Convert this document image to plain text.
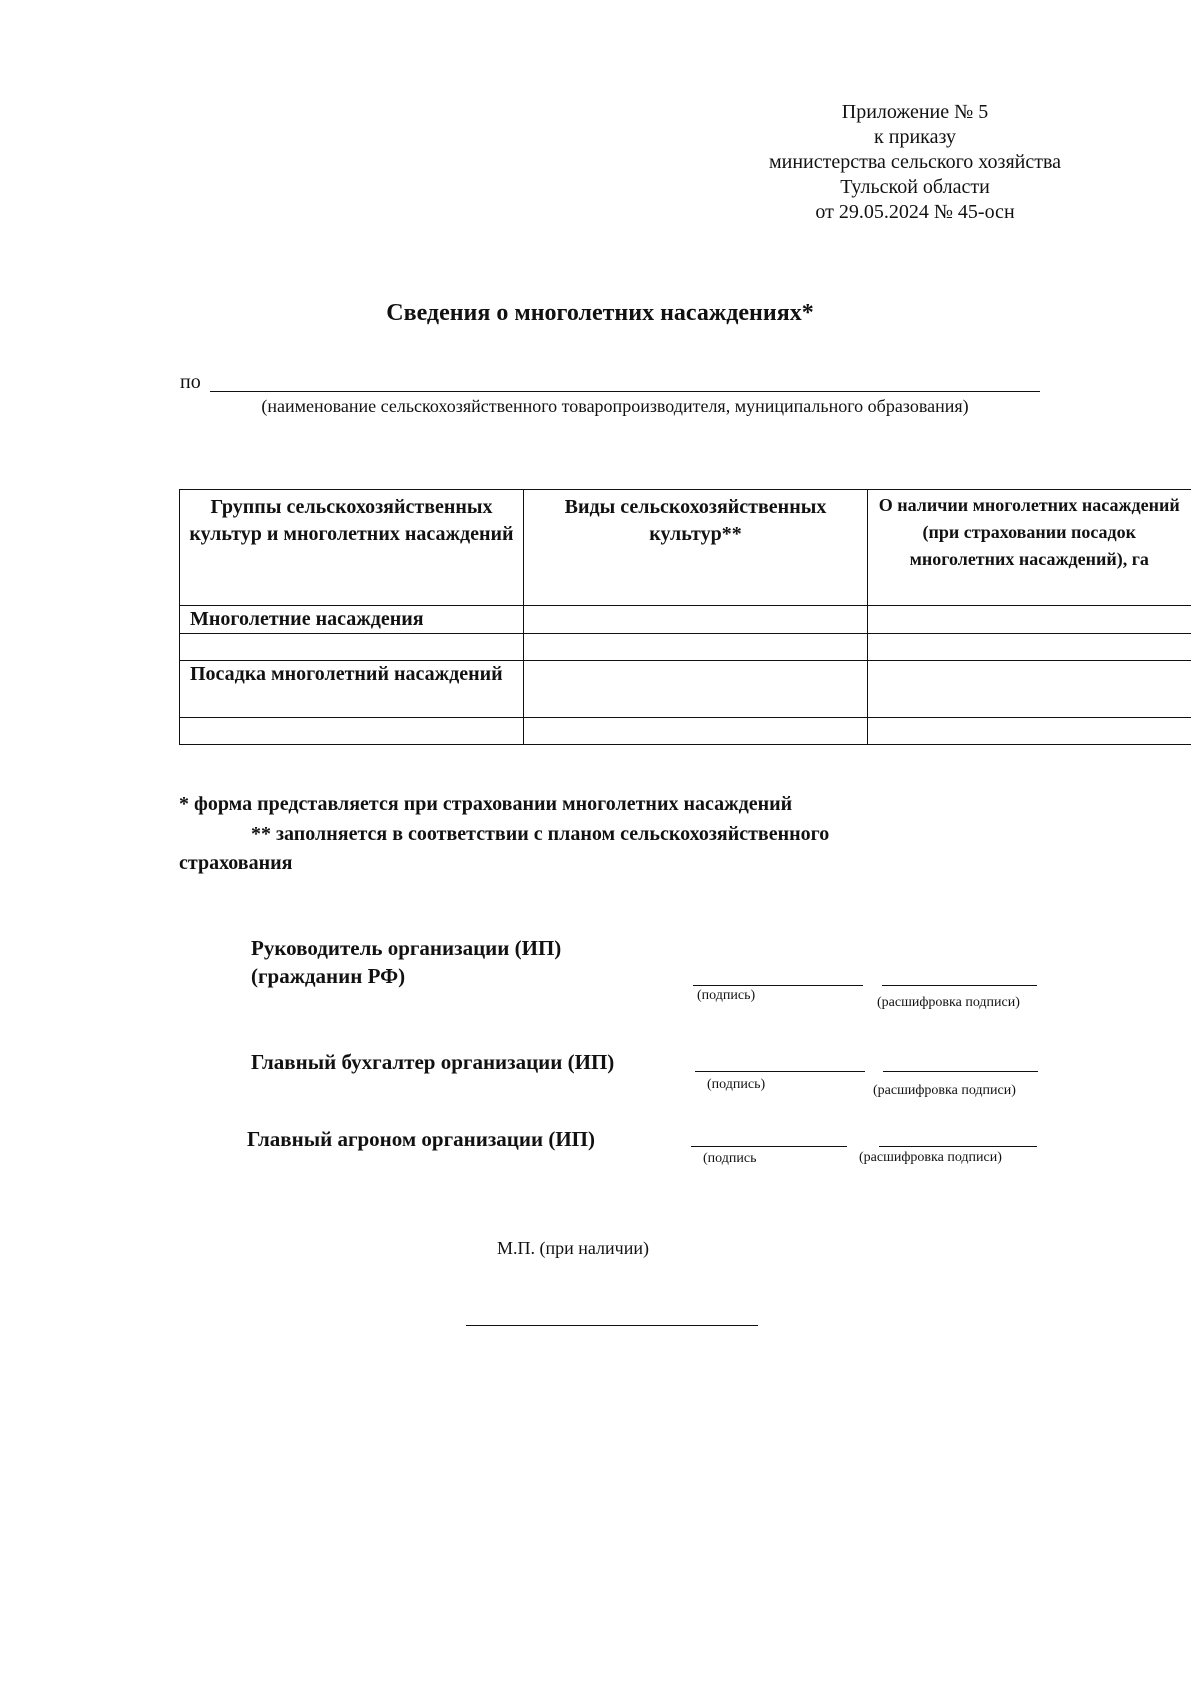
Приложение № 5
к приказу
министерства сельского хозяйства
Тульской области
от 29.05.2024 № 45-осн
Сведения о многолетних насаждениях*
по
(наименование сельскохозяйственного товаропроизводителя, муниципального образования)
Группы сельскохозяйственных культур и многолетних насаждений	Виды сельскохозяйственных культур**	О наличии многолетних насаждений (при страховании посадок многолетних насаждений), га
Многолетние насаждения		

Посадка многолетний насаждений		

* форма представляется при страховании многолетних насаждений
** заполняется в соответствии с планом сельскохозяйственного
страхования
Руководитель организации (ИП)
(гражданин РФ)
(подпись)	(расшифровка подписи)
Главный бухгалтер организации (ИП)
(подпись)	(расшифровка подписи)
Главный агроном организации (ИП)
(подпись	(расшифровка подписи)
М.П. (при наличии)
